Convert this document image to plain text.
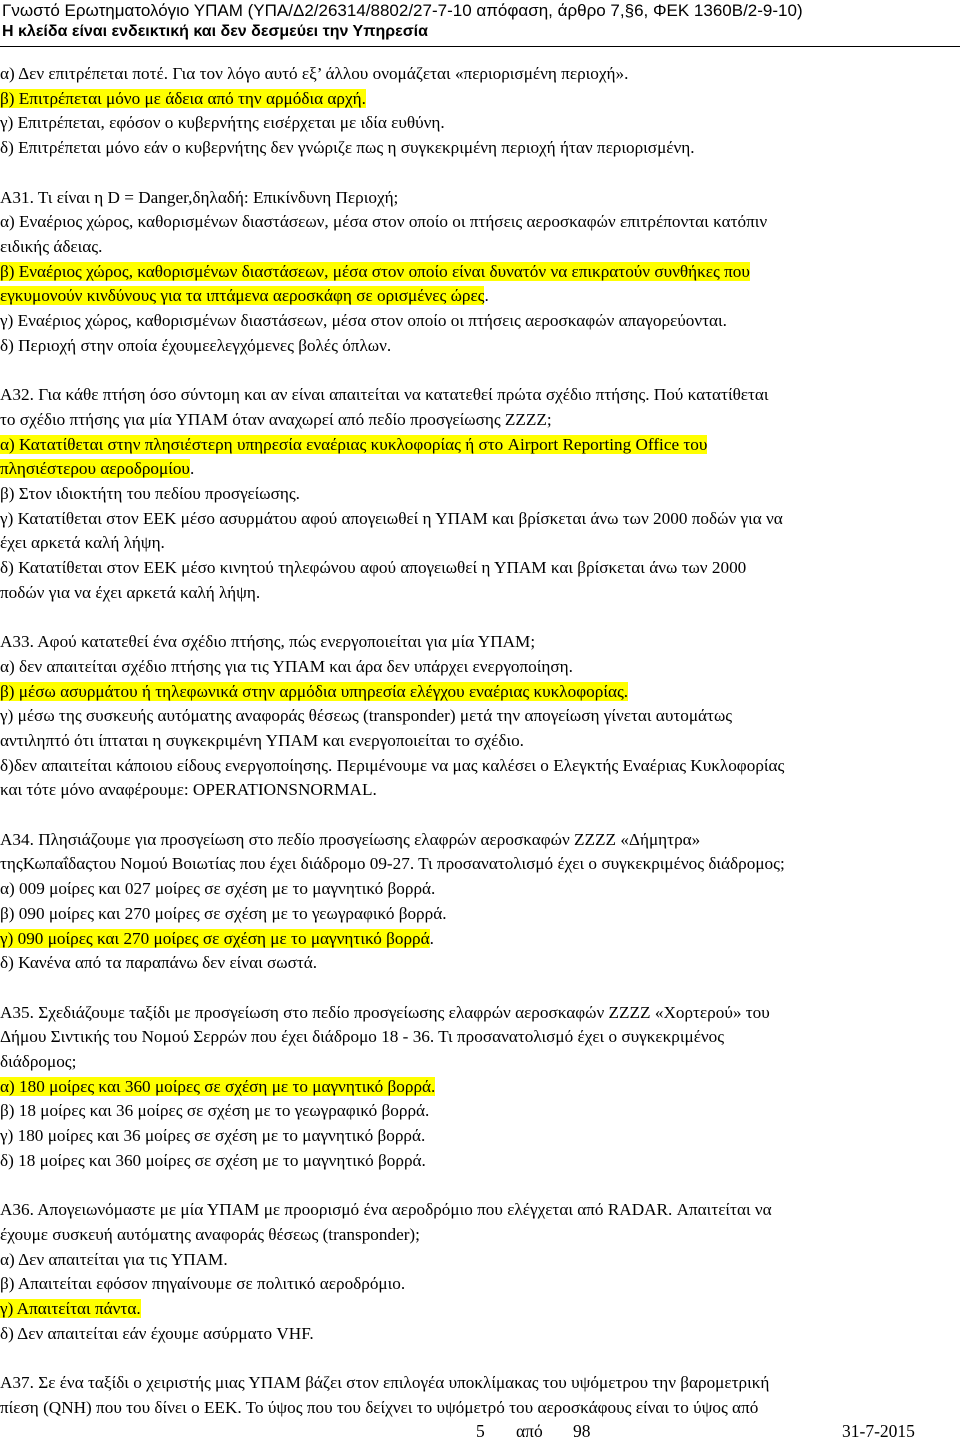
Γνωστό Ερωτηματολόγιο ΥΠΑΜ (ΥΠΑ/Δ2/26314/8802/27-7-10 απόφαση, άρθρο 7,§6, ΦΕΚ 1360Β/2-9-10)
Η κλείδα είναι ενδεικτική και δεν δεσμεύει την Υπηρεσία
α) Δεν επιτρέπεται ποτέ. Για τον λόγο αυτό εξ’ άλλου ονομάζεται «περιορισμένη περιοχή».
β) Επιτρέπεται μόνο με άδεια από την αρμόδια αρχή.
γ) Επιτρέπεται, εφόσον ο κυβερνήτης εισέρχεται με ιδία ευθύνη.
δ) Επιτρέπεται μόνο εάν ο κυβερνήτης δεν γνώριζε πως η συγκεκριμένη περιοχή ήταν περιορισμένη.
Α31. Τι είναι η D = Danger,δηλαδή: Επικίνδυνη Περιοχή;
α) Εναέριος χώρος, καθορισμένων διαστάσεων, μέσα στον οποίο οι πτήσεις αεροσκαφών επιτρέπονται κατόπιν
ειδικής άδειας.
β) Εναέριος χώρος, καθορισμένων διαστάσεων, μέσα στον οποίο είναι δυνατόν να επικρατούν συνθήκες που
εγκυμονούν κινδύνους για τα ιπτάμενα αεροσκάφη σε ορισμένες ώρες.
γ) Εναέριος χώρος, καθορισμένων διαστάσεων, μέσα στον οποίο οι πτήσεις αεροσκαφών απαγορεύονται.
δ) Περιοχή στην οποία έχουμεελεγχόμενες βολές όπλων.
Α32. Για κάθε πτήση όσο σύντομη και αν είναι απαιτείται να κατατεθεί πρώτα σχέδιο πτήσης. Πού κατατίθεται
το σχέδιο πτήσης για μία ΥΠΑΜ όταν αναχωρεί από πεδίο προσγείωσης ΖΖΖΖ;
α) Κατατίθεται στην πλησιέστερη υπηρεσία εναέριας κυκλοφορίας ή στο Airport Reporting Office του
πλησιέστερου αεροδρομίου.
β) Στον ιδιοκτήτη του πεδίου προσγείωσης.
γ) Κατατίθεται στον ΕΕΚ μέσο ασυρμάτου αφού απογειωθεί η ΥΠΑΜ και βρίσκεται άνω των 2000 ποδών για να
έχει αρκετά καλή λήψη.
δ) Κατατίθεται στον ΕΕΚ μέσο κινητού τηλεφώνου αφού απογειωθεί η ΥΠΑΜ και βρίσκεται άνω των 2000
ποδών για να έχει αρκετά καλή λήψη.
Α33. Αφού κατατεθεί ένα σχέδιο πτήσης, πώς ενεργοποιείται για μία ΥΠΑΜ;
α) δεν απαιτείται σχέδιο πτήσης για τις ΥΠΑΜ και άρα δεν υπάρχει ενεργοποίηση.
β) μέσω ασυρμάτου ή τηλεφωνικά στην αρμόδια υπηρεσία ελέγχου εναέριας κυκλοφορίας.
γ) μέσω της συσκευής αυτόματης αναφοράς θέσεως (transponder) μετά την απογείωση γίνεται αυτομάτως
αντιληπτό ότι ίπταται η συγκεκριμένη ΥΠΑΜ και ενεργοποιείται το σχέδιο.
δ)δεν απαιτείται κάποιου είδους ενεργοποίησης. Περιμένουμε να μας καλέσει ο Ελεγκτής Εναέριας Κυκλοφορίας
και τότε μόνο αναφέρουμε: OPERATIONSNORMAL.
Α34. Πλησιάζουμε για προσγείωση στο πεδίο προσγείωσης ελαφρών αεροσκαφών ΖΖΖΖ «Δήμητρα»
τηςΚωπαΐδαςτου Νομού Βοιωτίας που έχει διάδρομο 09-27. Τι προσανατολισμό έχει ο συγκεκριμένος διάδρομος;
α) 009 μοίρες και 027 μοίρες σε σχέση με το μαγνητικό βορρά.
β) 090 μοίρες και 270 μοίρες σε σχέση με το γεωγραφικό βορρά.
γ) 090 μοίρες και 270 μοίρες σε σχέση με το μαγνητικό βορρά.
δ) Κανένα από τα παραπάνω δεν είναι σωστά.
Α35. Σχεδιάζουμε ταξίδι με προσγείωση στο πεδίο προσγείωσης ελαφρών αεροσκαφών ΖΖΖΖ «Χορτερού» του
Δήμου Σιντικής του Νομού Σερρών που έχει διάδρομο 18 - 36. Τι προσανατολισμό έχει ο συγκεκριμένος
διάδρομος;
α) 180 μοίρες και 360 μοίρες σε σχέση με το μαγνητικό βορρά.
β) 18 μοίρες και 36 μοίρες σε σχέση με το γεωγραφικό βορρά.
γ) 180 μοίρες και 36 μοίρες σε σχέση με το μαγνητικό βορρά.
δ) 18 μοίρες και 360 μοίρες σε σχέση με το μαγνητικό βορρά.
Α36. Απογειωνόμαστε με μία ΥΠΑΜ με προορισμό ένα αεροδρόμιο που ελέγχεται από RADAR. Απαιτείται να
έχουμε συσκευή αυτόματης αναφοράς θέσεως (transponder);
α) Δεν απαιτείται για τις ΥΠΑΜ.
β) Απαιτείται εφόσον πηγαίνουμε σε πολιτικό αεροδρόμιο.
γ) Απαιτείται πάντα.
δ) Δεν απαιτείται εάν έχουμε ασύρματο VHF.
Α37. Σε ένα ταξίδι ο χειριστής μιας ΥΠΑΜ βάζει στον επιλογέα υποκλίμακας του υψόμετρου την βαρομετρική
πίεση (QNH) που του δίνει ο ΕΕΚ. Το ύψος που του δείχνει το υψόμετρό του αεροσκάφους είναι το ύψος από
5 από 98	31-7-2015
